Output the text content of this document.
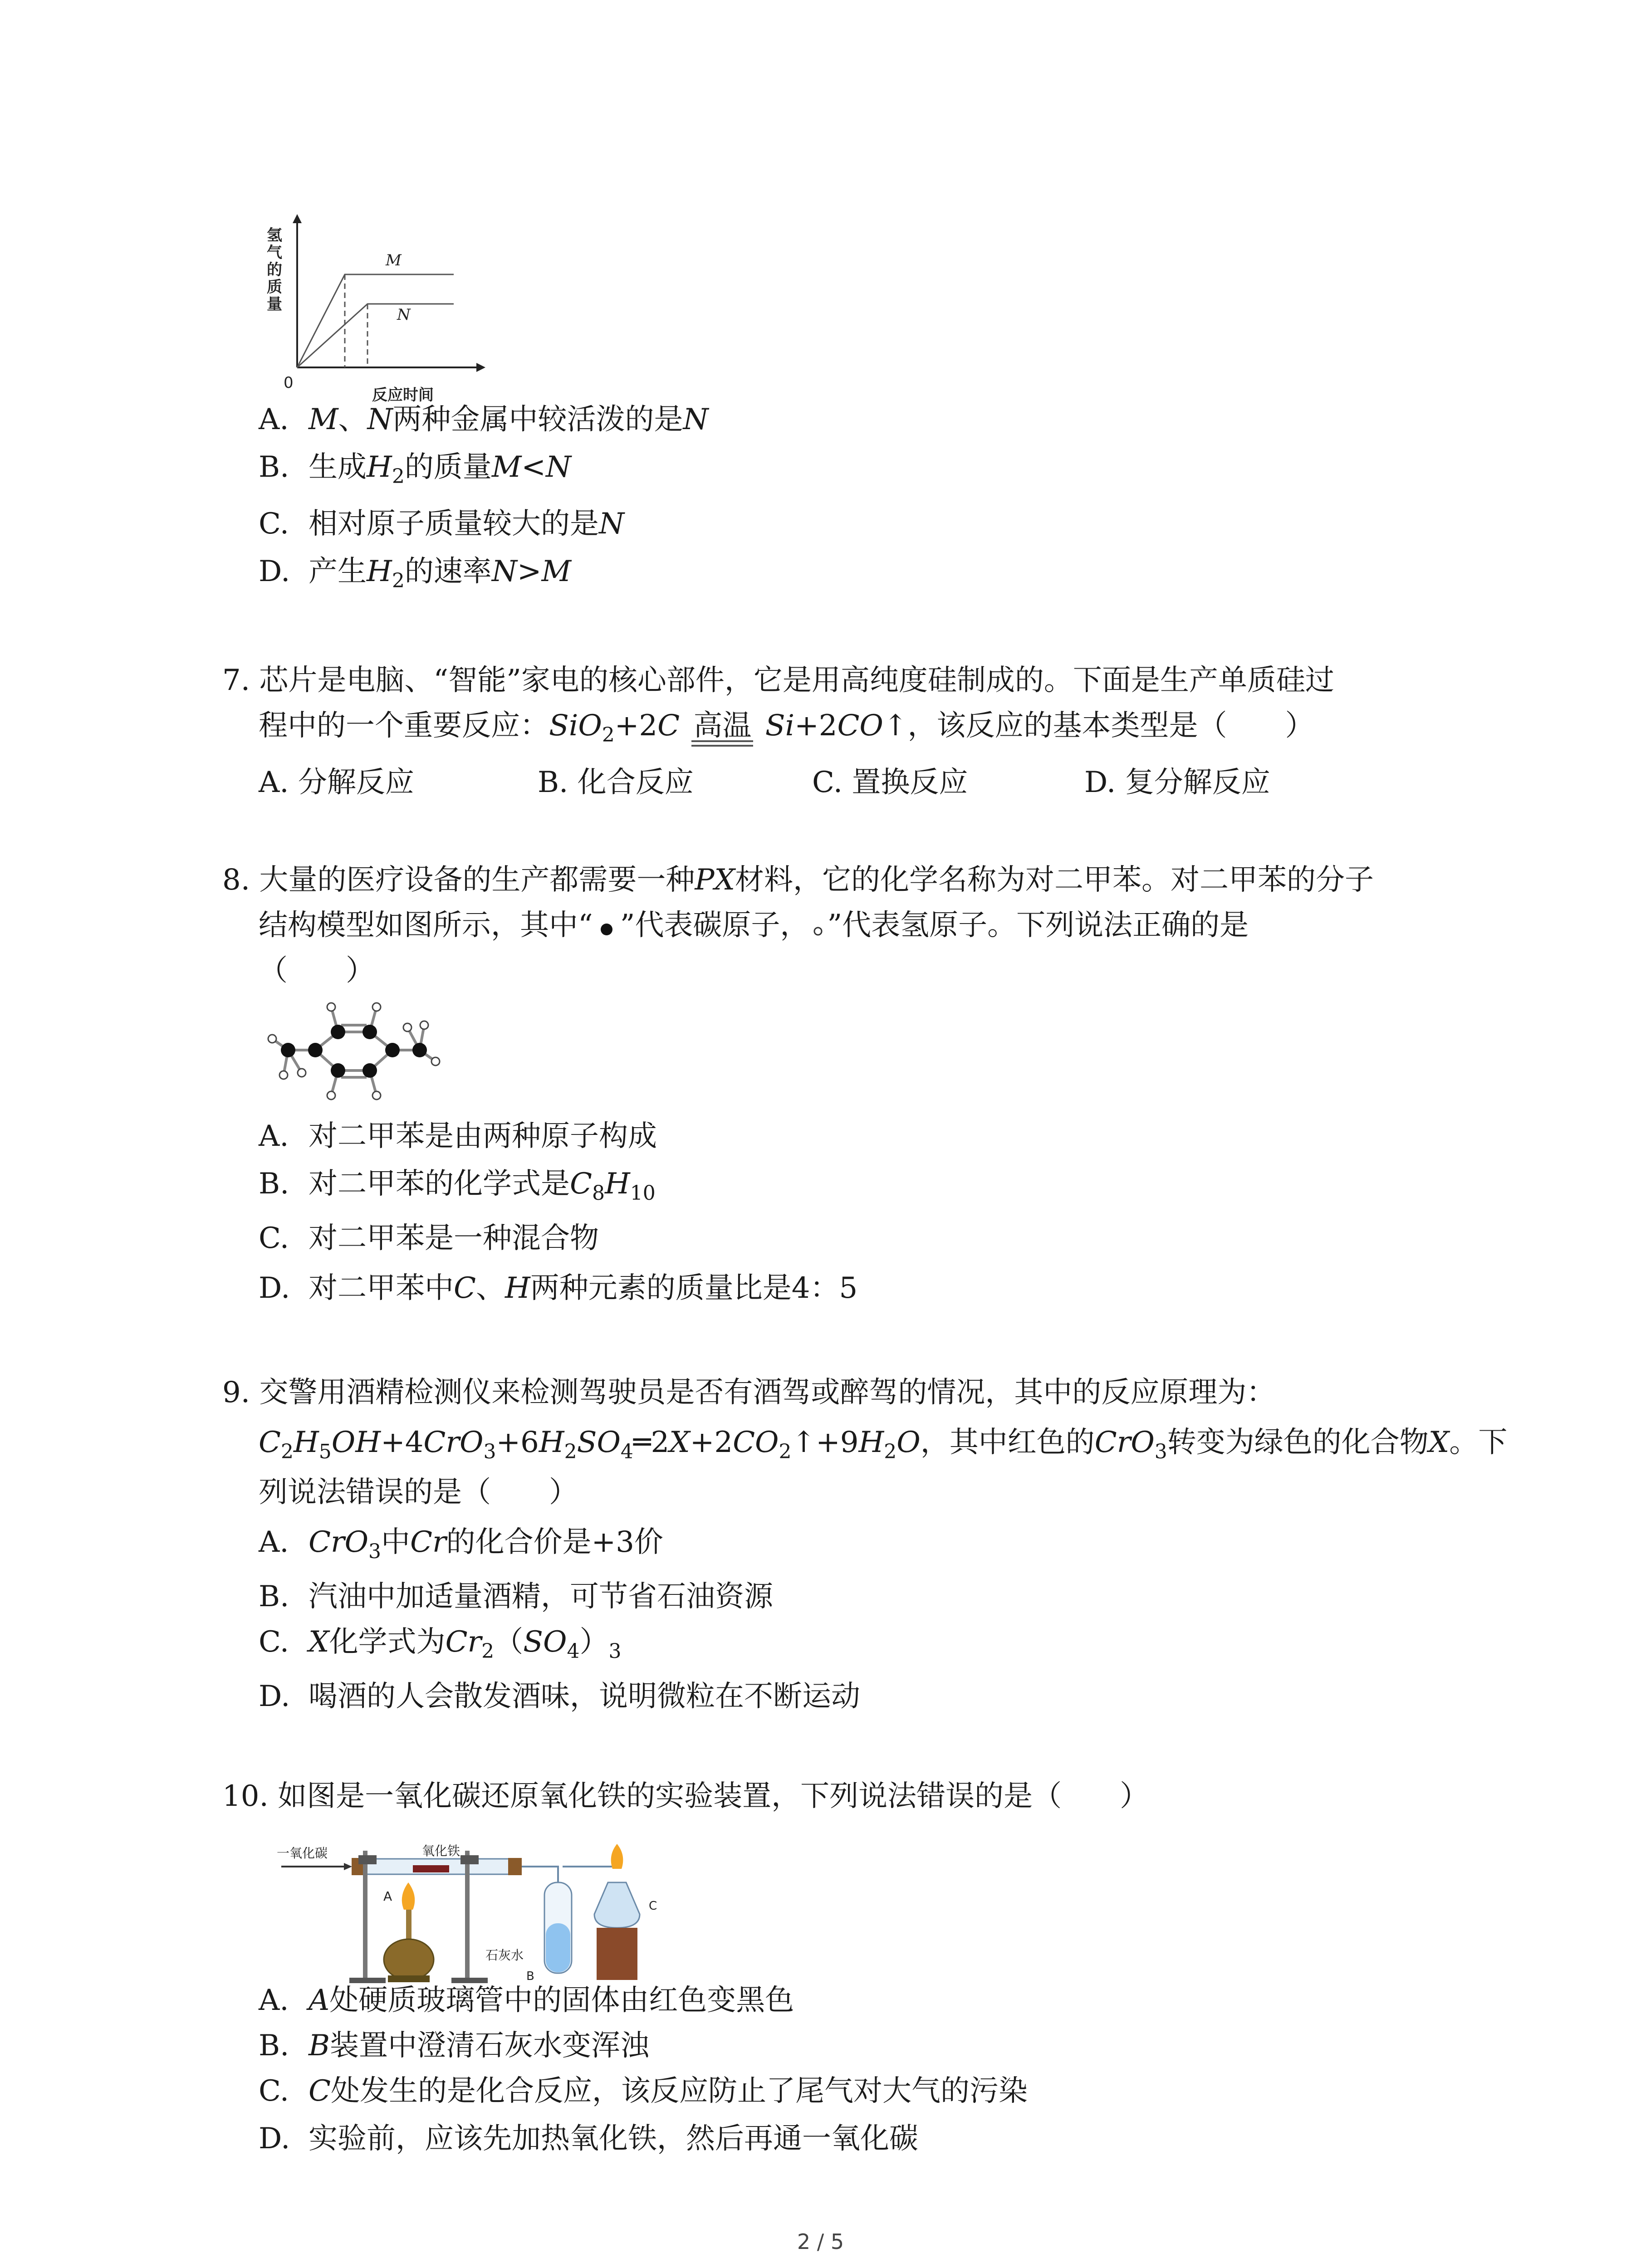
M
N
0
反应时间
氢气的质量
A. M、N两种金属中较活泼的是N
B. 生成$H_2$的质量M<N
C. 相对原子质量较大的是N
D. 产生$H_2$的速率N>M
7. 芯片是电脑、“智能”家电的核心部件，它是用高纯度硅制成的。下面是生产单质硅过
程中的一个重要反应：SiO$_2$+2C 高温 Si+2CO↑，该反应的基本类型是（　　）
A. 分解反应	B. 化合反应	C. 置换反应	D. 复分解反应
8. 大量的医疗设备的生产都需要一种PX材料，它的化学名称为对二甲苯。对二甲苯的分子
结构模型如图所示，其中“ ”代表碳原子， ”代表氢原子。下列说法正确的是
（　　）
A. 对二甲苯是由两种原子构成
B. 对二甲苯的化学式是$C_8H_{10}$
C. 对二甲苯是一种混合物
D. 对二甲苯中C、H两种元素的质量比是4：5
9. 交警用酒精检测仪来检测驾驶员是否有酒驾或醉驾的情况，其中的反应原理为：
$C_2H_5OH+4CrO_3+6H_2SO_4═2X+2CO_2↑+9H_2O$，其中红色的CrO$_3$转变为绿色的化合物X。下
列说法错误的是（　　）
A. CrO$_3$中Cr的化合价是+3价
B. 汽油中加适量酒精，可节省石油资源
C. X化学式为$Cr_2(SO_4)_3$
D. 喝酒的人会散发酒味，说明微粒在不断运动
10. 如图是一氧化碳还原氧化铁的实验装置，下列说法错误的是（　　）
一氧化碳	氧化铁
A
石灰水
B
C
A. A处硬质玻璃管中的固体由红色变黑色
B. B装置中澄清石灰水变浑浊
C. C处发生的是化合反应，该反应防止了尾气对大气的污染
D. 实验前，应该先加热氧化铁，然后再通一氧化碳
2 / 5
